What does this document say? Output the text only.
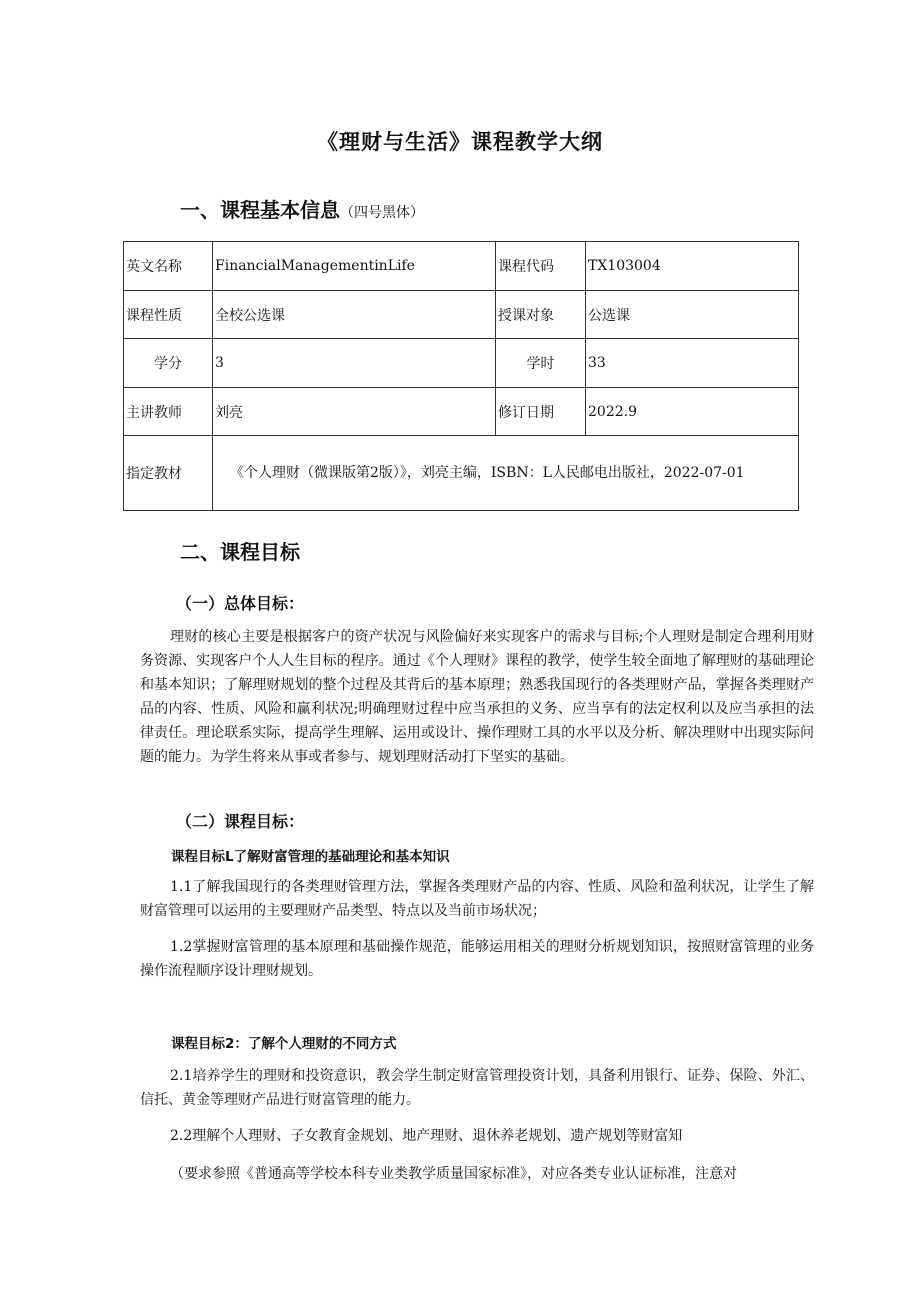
《理财与生活》课程教学大纲
一、课程基本信息（四号黑体）
英文名称	FinancialManagementinLife	课程代码	TX103004
课程性质	全校公选课	授课对象	公选课
学分	3	学时	33
主讲教师	刘亮	修订日期	2022.9
指定教材	《个人理财（微课版第2版）》，刘亮主编，ISBN：L人民邮电出版社，2022-07-01		
二、课程目标
（一）总体目标：

理财的核心主要是根据客户的资产状况与风险偏好来实现客户的需求与目标;个人理财是制定合理利用财务资源、实现客户个人人生目标的程序。通过《个人理财》课程的教学，使学生较全面地了解理财的基础理论和基本知识；了解理财规划的整个过程及其背后的基本原理；熟悉我国现行的各类理财产品，掌握各类理财产品的内容、性质、风险和赢利状况;明确理财过程中应当承担的义务、应当享有的法定权利以及应当承担的法律责任。理论联系实际，提高学生理解、运用或设计、操作理财工具的水平以及分析、解决理财中出现实际问题的能力。为学生将来从事或者参与、规划理财活动打下坚实的基础。

（二）课程目标：
课程目标L了解财富管理的基础理论和基本知识

1.1了解我国现行的各类理财管理方法，掌握各类理财产品的内容、性质、风险和盈利状况，让学生了解财富管理可以运用的主要理财产品类型、特点以及当前市场状况；

1.2掌握财富管理的基本原理和基础操作规范，能够运用相关的理财分析规划知识，按照财富管理的业务操作流程顺序设计理财规划。

课程目标2：了解个人理财的不同方式

2.1培养学生的理财和投资意识，教会学生制定财富管理投资计划，具备利用银行、证券、保险、外汇、信托、黄金等理财产品进行财富管理的能力。

2.2理解个人理财、子女教育金规划、地产理财、退休养老规划、遗产规划等财富知

（要求参照《普通高等学校本科专业类教学质量国家标准》，对应各类专业认证标准，注意对
